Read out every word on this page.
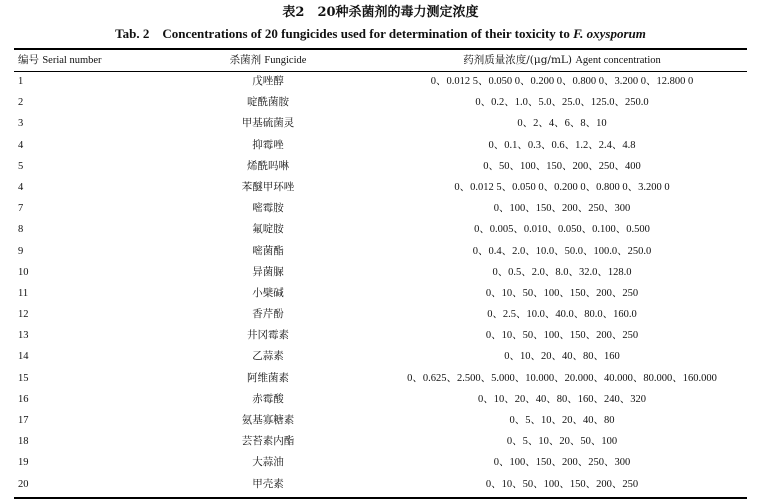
表2　20种杀菌剂的毒力测定浓度
Tab. 2　Concentrations of 20 fungicides used for determination of their toxicity to F. oxysporum
编号 Serial number	杀菌剂 Fungicide	药剂质量浓度/(μg/mL) Agent concentration
1	戊唑醇	0、0.012 5、0.050 0、0.200 0、0.800 0、3.200 0、12.800 0
2	啶酰菌胺	0、0.2、1.0、5.0、25.0、125.0、250.0
3	甲基硫菌灵	0、2、4、6、8、10
4	抑霉唑	0、0.1、0.3、0.6、1.2、2.4、4.8
5	烯酰吗啉	0、50、100、150、200、250、400
4	苯醚甲环唑	0、0.012 5、0.050 0、0.200 0、0.800 0、3.200 0
7	嘧霉胺	0、100、150、200、250、300
8	氟啶胺	0、0.005、0.010、0.050、0.100、0.500
9	嘧菌酯	0、0.4、2.0、10.0、50.0、100.0、250.0
10	异菌脲	0、0.5、2.0、8.0、32.0、128.0
11	小檗碱	0、10、50、100、150、200、250
12	香芹酚	0、2.5、10.0、40.0、80.0、160.0
13	井冈霉素	0、10、50、100、150、200、250
14	乙蒜素	0、10、20、40、80、160
15	阿维菌素	0、0.625、2.500、5.000、10.000、20.000、40.000、80.000、160.000
16	赤霉酸	0、10、20、40、80、160、240、320
17	氨基寡糖素	0、5、10、20、40、80
18	芸苔素内酯	0、5、10、20、50、100
19	大蒜油	0、100、150、200、250、300
20	甲壳素	0、10、50、100、150、200、250
